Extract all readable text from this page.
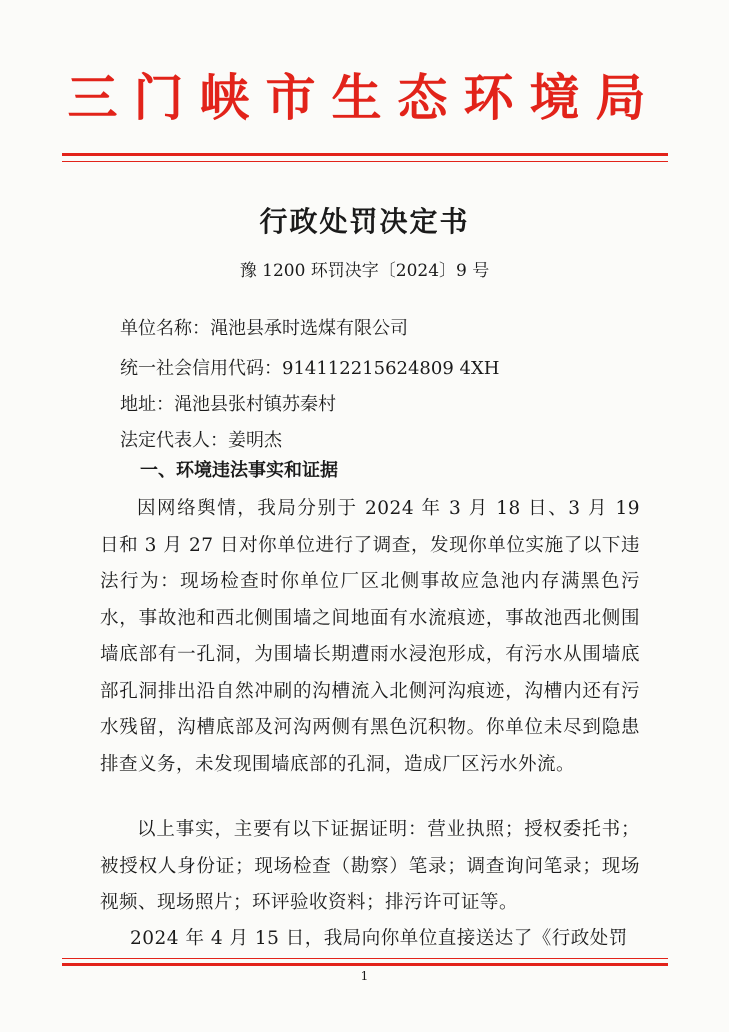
三门峡市生态环境局
行政处罚决定书
豫 1200 环罚决字〔2024〕9 号
单位名称：渑池县承时选煤有限公司
统一社会信用代码：914112215624809 4XH
地址：渑池县张村镇苏秦村
法定代表人：姜明杰
一、环境违法事实和证据
因网络舆情，我局分别于 2024 年 3 月 18 日、3 月 19 日和 3 月 27 日对你单位进行了调查，发现你单位实施了以下违法行为：现场检查时你单位厂区北侧事故应急池内存满黑色污水，事故池和西北侧围墙之间地面有水流痕迹，事故池西北侧围墙底部有一孔洞，为围墙长期遭雨水浸泡形成，有污水从围墙底部孔洞排出沿自然冲刷的沟槽流入北侧河沟痕迹，沟槽内还有污水残留，沟槽底部及河沟两侧有黑色沉积物。你单位未尽到隐患排查义务，未发现围墙底部的孔洞，造成厂区污水外流。
以上事实，主要有以下证据证明：营业执照；授权委托书；被授权人身份证；现场检查（勘察）笔录；调查询问笔录；现场视频、现场照片；环评验收资料；排污许可证等。
2024 年 4 月 15 日，我局向你单位直接送达了《行政处罚
1
